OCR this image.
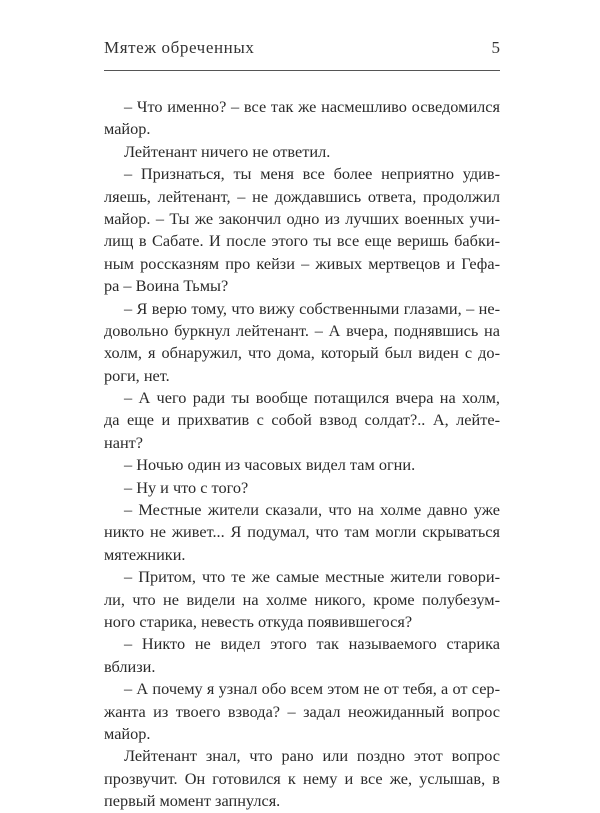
Мятеж обреченных	5
– Что именно? – все так же насмешливо осведомился
майор.
Лейтенант ничего не ответил.
– Признаться, ты меня все более неприятно удив-
ляешь, лейтенант, – не дождавшись ответа, продолжил
майор. – Ты же закончил одно из лучших военных учи-
лищ в Сабате. И после этого ты все еще веришь бабки-
ным россказням про кейзи – живых мертвецов и Гефа-
ра – Воина Тьмы?
– Я верю тому, что вижу собственными глазами, – не-
довольно буркнул лейтенант. – А вчера, поднявшись на
холм, я обнаружил, что дома, который был виден с до-
роги, нет.
– А чего ради ты вообще потащился вчера на холм,
да еще и прихватив с собой взвод солдат?.. А, лейте-
нант?
– Ночью один из часовых видел там огни.
– Ну и что с того?
– Местные жители сказали, что на холме давно уже
никто не живет... Я подумал, что там могли скрываться
мятежники.
– Притом, что те же самые местные жители говори-
ли, что не видели на холме никого, кроме полубезум-
ного старика, невесть откуда появившегося?
– Никто не видел этого так называемого старика
вблизи.
– А почему я узнал обо всем этом не от тебя, а от сер-
жанта из твоего взвода? – задал неожиданный вопрос
майор.
Лейтенант знал, что рано или поздно этот вопрос
прозвучит. Он готовился к нему и все же, услышав, в
первый момент запнулся.
